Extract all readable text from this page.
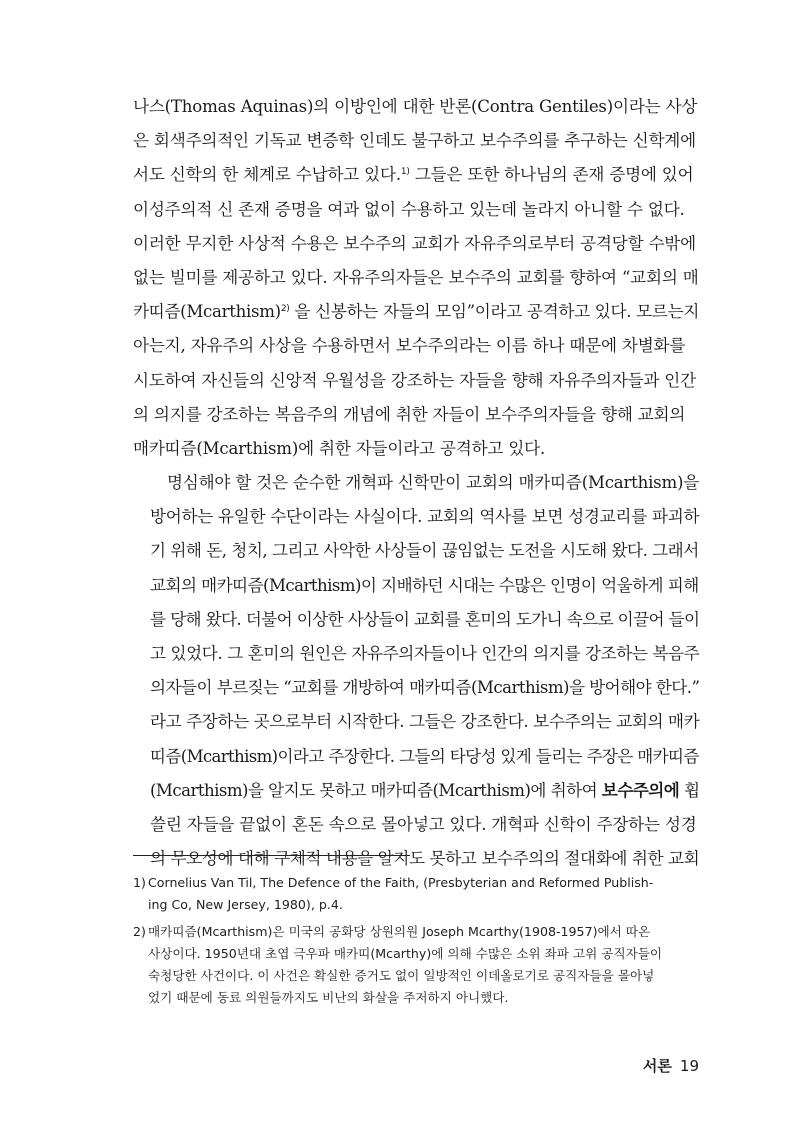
나스(Thomas Aquinas)의 이방인에 대한 반론(Contra Gentiles)이라는 사상
은 회색주의적인 기독교 변증학 인데도 불구하고 보수주의를 추구하는 신학계에
서도 신학의 한 체계로 수납하고 있다.$^{1)}$ 그들은 또한 하나님의 존재 증명에 있어
이성주의적 신 존재 증명을 여과 없이 수용하고 있는데 놀라지 아니할 수 없다.
이러한 무지한 사상적 수용은 보수주의 교회가 자유주의로부터 공격당할 수밖에
없는 빌미를 제공하고 있다. 자유주의자들은 보수주의 교회를 향하여 “교회의 매
카띠즘(Mcarthism)$^{2)}$ 을 신봉하는 자들의 모임”이라고 공격하고 있다. 모르는지
아는지, 자유주의 사상을 수용하면서 보수주의라는 이름 하나 때문에 차별화를
시도하여 자신들의 신앙적 우월성을 강조하는 자들을 향해 자유주의자들과 인간
의 의지를 강조하는 복음주의 개념에 취한 자들이 보수주의자들을 향해 교회의
매카띠즘(Mcarthism)에 취한 자들이라고 공격하고 있다.
명심해야 할 것은 순수한 개혁파 신학만이 교회의 매카띠즘(Mcarthism)을
방어하는 유일한 수단이라는 사실이다. 교회의 역사를 보면 성경교리를 파괴하
기 위해 돈, 청치, 그리고 사악한 사상들이 끊임없는 도전을 시도해 왔다. 그래서
교회의 매카띠즘(Mcarthism)이 지배하던 시대는 수많은 인명이 억울하게 피해
를 당해 왔다. 더불어 이상한 사상들이 교회를 혼미의 도가니 속으로 이끌어 들이
고 있었다. 그 혼미의 원인은 자유주의자들이나 인간의 의지를 강조하는 복음주
의자들이 부르짖는 “교회를 개방하여 매카띠즘(Mcarthism)을 방어해야 한다.”
라고 주장하는 곳으로부터 시작한다. 그들은 강조한다. 보수주의는 교회의 매카
띠즘(Mcarthism)이라고 주장한다. 그들의 타당성 있게 들리는 주장은 매카띠즘
(Mcarthism)을 알지도 못하고 매카띠즘(Mcarthism)에 취하여 보수주의에 휩
쓸린 자들을 끝없이 혼돈 속으로 몰아넣고 있다. 개혁파 신학이 주장하는 성경
의 무오성에 대해 구체적 내용을 알지도 못하고 보수주의의 절대화에 취한 교회
1) Cornelius Van Til, The Defence of the Faith, (Presbyterian and Reformed Publish-
ing Co, New Jersey, 1980), p.4.
2) 매카띠즘(Mcarthism)은 미국의 공화당 상원의원 Joseph Mcarthy(1908-1957)에서 따온
사상이다. 1950년대 초엽 극우파 매카띠(Mcarthy)에 의해 수많은 소위 좌파 고위 공직자들이
숙청당한 사건이다. 이 사건은 확실한 증거도 없이 일방적인 이데올로기로 공직자들을 몰아넣
었기 때문에 동료 의원들까지도 비난의 화살을 주저하지 아니했다.
서론 19
